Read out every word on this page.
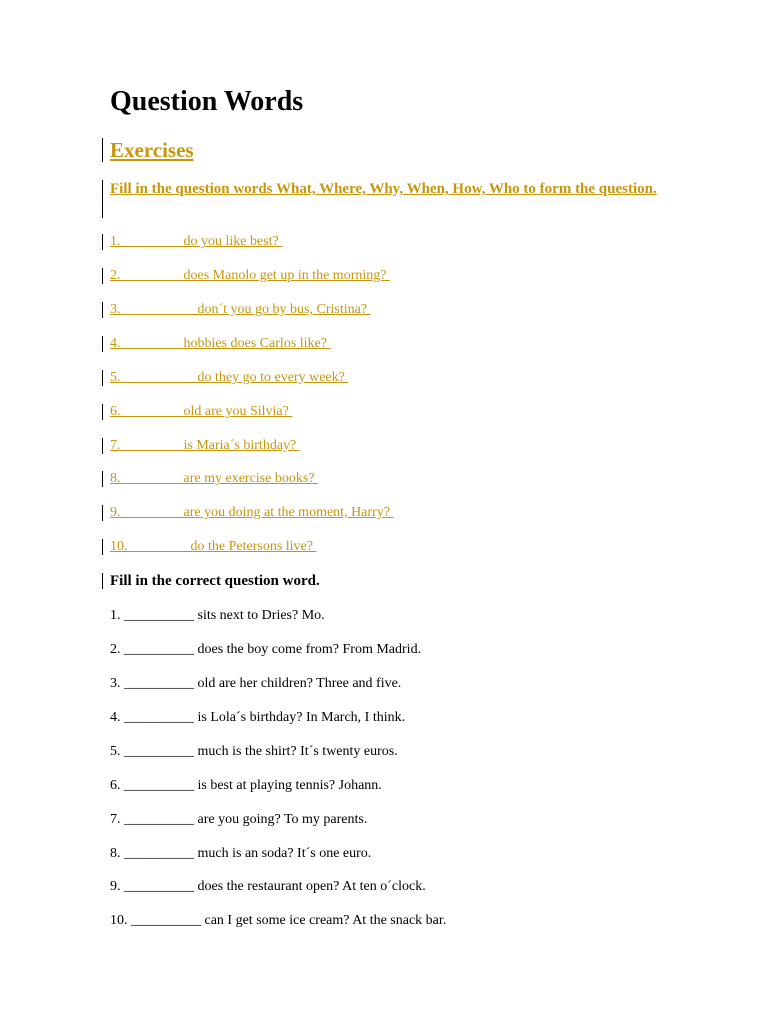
Question Words
Exercises
Fill in the question words What, Where, Why, When, How, Who to form the question.
1.                  do you like best?
2.                  does Manolo get up in the morning?
3. __________ don´t you go by bus, Cristina?
4.                  hobbies does Carlos like?
5. __________ do they go to every week?
6.                  old are you Silvia?
7.                  is Maria´s birthday?
8.                  are my exercise books?
9.                  are you doing at the moment, Harry?
10.                  do the Petersons live?
Fill in the correct question word.
1. __________ sits next to Dries? Mo.
2. __________ does the boy come from? From Madrid.
3. __________ old are her children? Three and five.
4. __________ is Lola´s birthday? In March, I think.
5. __________ much is the shirt? It´s twenty euros.
6. __________ is best at playing tennis? Johann.
7. __________ are you going? To my parents.
8. __________ much is an soda? It´s one euro.
9. __________ does the restaurant open? At ten o´clock.
10. __________ can I get some ice cream? At the snack bar.
